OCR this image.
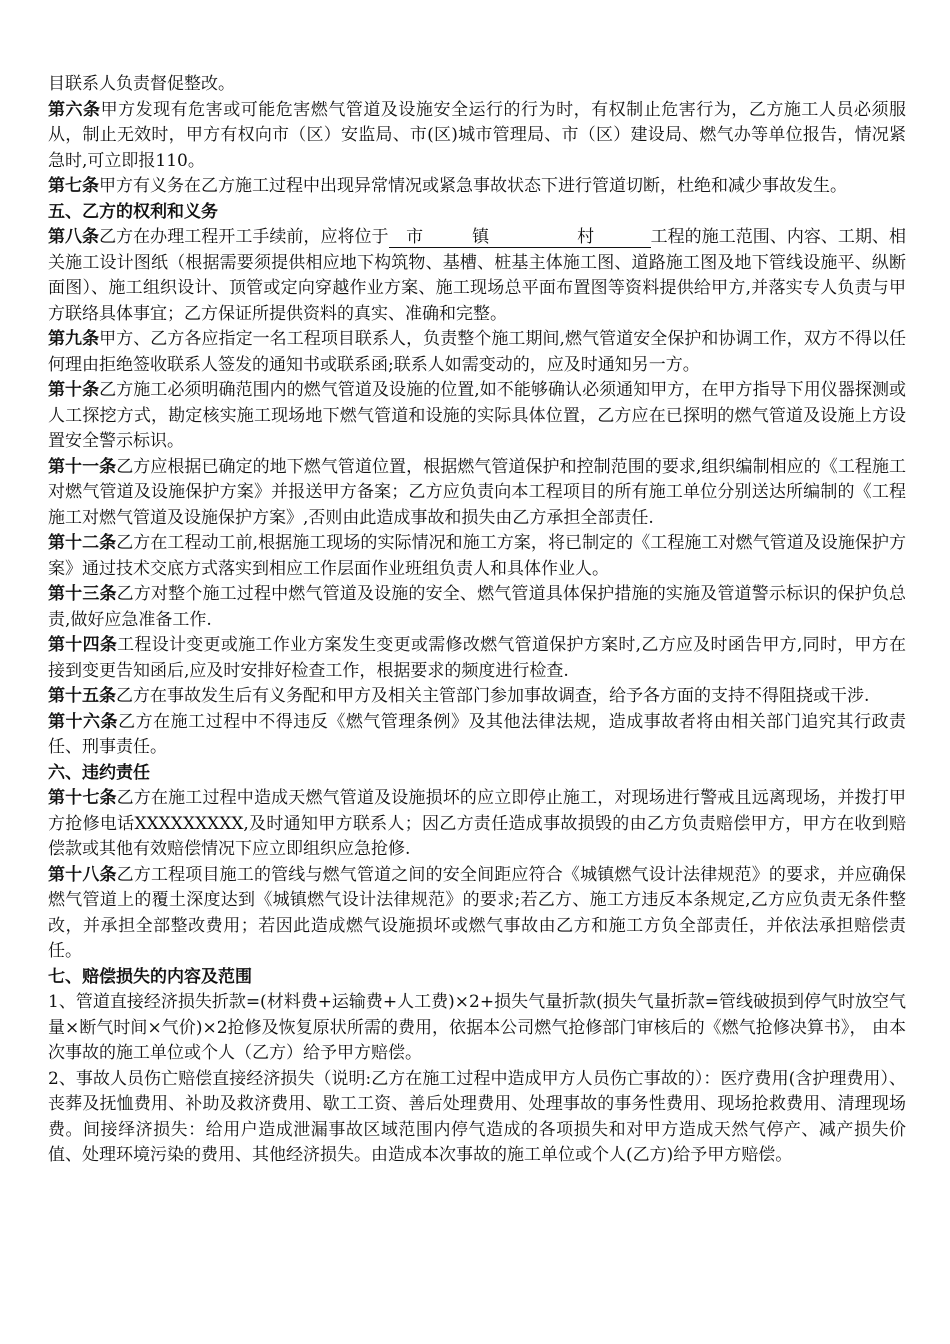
目联系人负责督促整改。

第六条甲方发现有危害或可能危害燃气管道及设施安全运行的行为时，有权制止危害行为，乙方施工人员必须服从，制止无效时，甲方有权向市（区）安监局、市(区)城市管理局、市（区）建设局、燃气办等单位报告，情况紧急时,可立即报110。

第七条甲方有义务在乙方施工过程中出现异常情况或紧急事故状态下进行管道切断，杜绝和减少事故发生。

五、乙方的权利和义务

第八条乙方在办理工程开工手续前，应将位于 市	镇	村	工程的施工范围、内容、工期、相关施工设计图纸（根据需要须提供相应地下构筑物、基槽、桩基主体施工图、道路施工图及地下管线设施平、纵断面图）、施工组织设计、顶管或定向穿越作业方案、施工现场总平面布置图等资料提供给甲方,并落实专人负责与甲方联络具体事宜；乙方保证所提供资料的真实、准确和完整。

第九条甲方、乙方各应指定一名工程项目联系人，负责整个施工期间,燃气管道安全保护和协调工作，双方不得以任何理由拒绝签收联系人签发的通知书或联系函;联系人如需变动的，应及时通知另一方。

第十条乙方施工必须明确范围内的燃气管道及设施的位置,如不能够确认必须通知甲方，在甲方指导下用仪器探测或人工探挖方式，勘定核实施工现场地下燃气管道和设施的实际具体位置，乙方应在已探明的燃气管道及设施上方设置安全警示标识。

第十一条乙方应根据已确定的地下燃气管道位置，根据燃气管道保护和控制范围的要求,组织编制相应的《工程施工对燃气管道及设施保护方案》并报送甲方备案；乙方应负责向本工程项目的所有施工单位分别送达所编制的《工程施工对燃气管道及设施保护方案》,否则由此造成事故和损失由乙方承担全部责任.

第十二条乙方在工程动工前,根据施工现场的实际情况和施工方案，将已制定的《工程施工对燃气管道及设施保护方案》通过技术交底方式落实到相应工作层面作业班组负责人和具体作业人。

第十三条乙方对整个施工过程中燃气管道及设施的安全、燃气管道具体保护措施的实施及管道警示标识的保护负总责,做好应急准备工作.

第十四条工程设计变更或施工作业方案发生变更或需修改燃气管道保护方案时,乙方应及时函告甲方,同时，甲方在接到变更告知函后,应及时安排好检查工作，根据要求的频度进行检查.

第十五条乙方在事故发生后有义务配和甲方及相关主管部门参加事故调查，给予各方面的支持不得阻挠或干涉.

第十六条乙方在施工过程中不得违反《燃气管理条例》及其他法律法规，造成事故者将由相关部门追究其行政责任、刑事责任。

六、违约责任

第十七条乙方在施工过程中造成天燃气管道及设施损坏的应立即停止施工，对现场进行警戒且远离现场，并拨打甲方抢修电话XXXXXXXXX,及时通知甲方联系人；因乙方责任造成事故损毁的由乙方负责赔偿甲方，甲方在收到赔偿款或其他有效赔偿情况下应立即组织应急抢修.

第十八条乙方工程项目施工的管线与燃气管道之间的安全间距应符合《城镇燃气设计法律规范》的要求，并应确保燃气管道上的覆土深度达到《城镇燃气设计法律规范》的要求;若乙方、施工方违反本条规定,乙方应负责无条件整改，并承担全部整改费用；若因此造成燃气设施损坏或燃气事故由乙方和施工方负全部责任，并依法承担赔偿责任。

七、赔偿损失的内容及范围

1、管道直接经济损失折款=(材料费+运输费+人工费)×2+损失气量折款(损失气量折款=管线破损到停气时放空气量×断气时间×气价)×2抢修及恢复原状所需的费用，依据本公司燃气抢修部门审核后的《燃气抢修决算书》， 由本次事故的施工单位或个人（乙方）给予甲方赔偿。

2、事故人员伤亡赔偿直接经济损失（说明:乙方在施工过程中造成甲方人员伤亡事故的）：医疗费用(含护理费用）、丧葬及抚恤费用、补助及救济费用、歇工工资、善后处理费用、处理事故的事务性费用、现场抢救费用、清理现场费。间接绎济损失：给用户造成泄漏事故区域范围内停气造成的各项损失和对甲方造成天然气停产、减产损失价值、处理环境污染的费用、其他经济损失。由造成本次事故的施工单位或个人(乙方)给予甲方赔偿。
